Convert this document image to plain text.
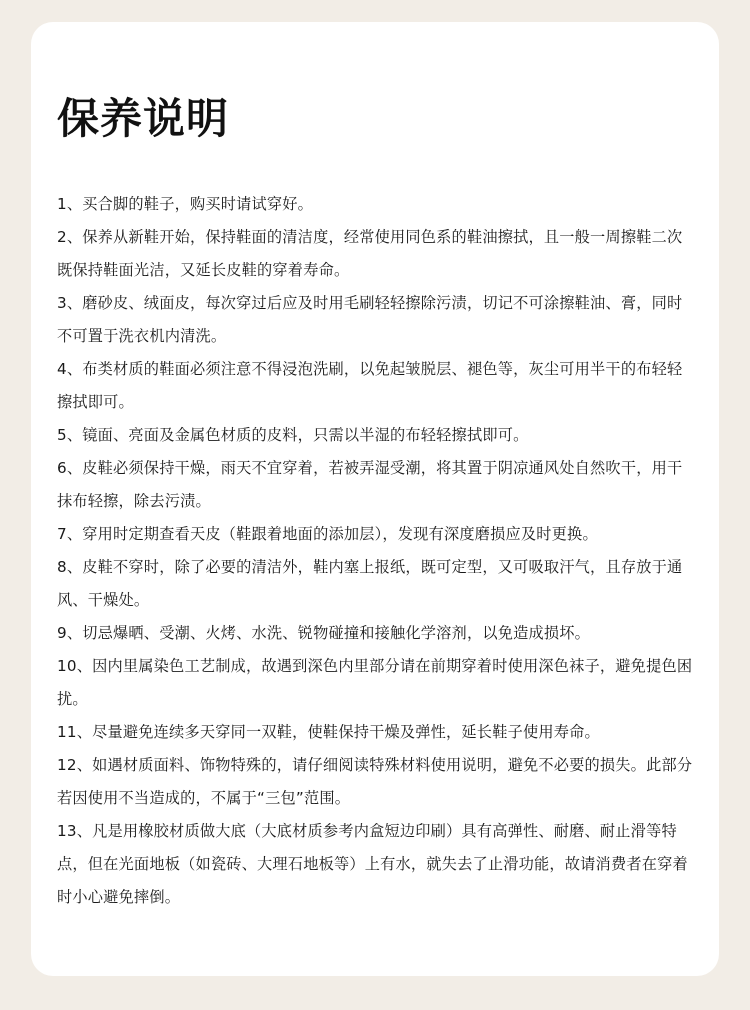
保养说明
1、买合脚的鞋子，购买时请试穿好。
2、保养从新鞋开始，保持鞋面的清洁度，经常使用同色系的鞋油擦拭，且一般一周擦鞋二次既保持鞋面光洁，又延长皮鞋的穿着寿命。
3、磨砂皮、绒面皮，每次穿过后应及时用毛刷轻轻擦除污渍，切记不可涂擦鞋油、膏，同时不可置于洗衣机内清洗。
4、布类材质的鞋面必须注意不得浸泡洗刷，以免起皱脱层、褪色等，灰尘可用半干的布轻轻擦拭即可。
5、镜面、亮面及金属色材质的皮料，只需以半湿的布轻轻擦拭即可。
6、皮鞋必须保持干燥，雨天不宜穿着，若被弄湿受潮，将其置于阴凉通风处自然吹干，用干抹布轻擦，除去污渍。
7、穿用时定期查看天皮（鞋跟着地面的添加层），发现有深度磨损应及时更换。
8、皮鞋不穿时，除了必要的清洁外，鞋内塞上报纸，既可定型，又可吸取汗气，且存放于通风、干燥处。
9、切忌爆晒、受潮、火烤、水洗、锐物碰撞和接触化学溶剂，以免造成损坏。
10、因内里属染色工艺制成，故遇到深色内里部分请在前期穿着时使用深色袜子，避免提色困扰。
11、尽量避免连续多天穿同一双鞋，使鞋保持干燥及弹性，延长鞋子使用寿命。
12、如遇材质面料、饰物特殊的，请仔细阅读特殊材料使用说明，避免不必要的损失。此部分若因使用不当造成的，不属于“三包”范围。
13、凡是用橡胶材质做大底（大底材质参考内盒短边印刷）具有高弹性、耐磨、耐止滑等特点，但在光面地板（如瓷砖、大理石地板等）上有水，就失去了止滑功能，故请消费者在穿着时小心避免摔倒。
